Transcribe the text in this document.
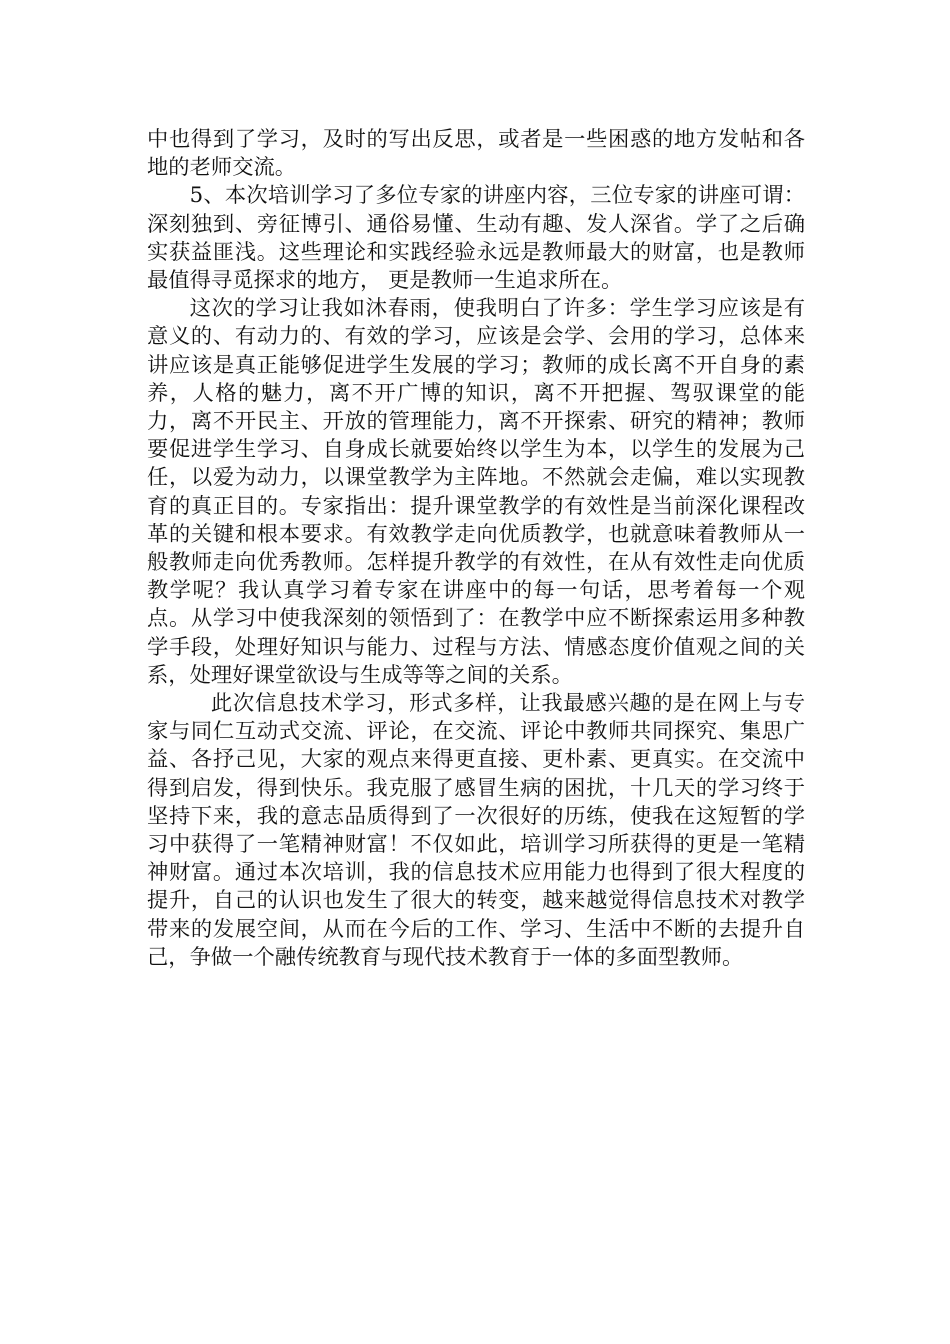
中也得到了学习，及时的写出反思，或者是一些困惑的地方发帖和各地的老师交流。

5、本次培训学习了多位专家的讲座内容，三位专家的讲座可谓：深刻独到、旁征博引、通俗易懂、生动有趣、发人深省。学了之后确实获益匪浅。这些理论和实践经验永远是教师最大的财富，也是教师最值得寻觅探求的地方， 更是教师一生追求所在。

这次的学习让我如沐春雨，使我明白了许多：学生学习应该是有意义的、有动力的、有效的学习，应该是会学、会用的学习，总体来讲应该是真正能够促进学生发展的学习；教师的成长离不开自身的素养，人格的魅力，离不开广博的知识，离不开把握、驾驭课堂的能力，离不开民主、开放的管理能力，离不开探索、研究的精神；教师要促进学生学习、自身成长就要始终以学生为本，以学生的发展为己任，以爱为动力，以课堂教学为主阵地。不然就会走偏，难以实现教育的真正目的。专家指出：提升课堂教学的有效性是当前深化课程改革的关键和根本要求。有效教学走向优质教学，也就意味着教师从一般教师走向优秀教师。怎样提升教学的有效性，在从有效性走向优质教学呢？我认真学习着专家在讲座中的每一句话，思考着每一个观点。从学习中使我深刻的领悟到了：在教学中应不断探索运用多种教学手段，处理好知识与能力、过程与方法、情感态度价值观之间的关系，处理好课堂欲设与生成等等之间的关系。

此次信息技术学习，形式多样，让我最感兴趣的是在网上与专家与同仁互动式交流、评论，在交流、评论中教师共同探究、集思广益、各抒己见，大家的观点来得更直接、更朴素、更真实。在交流中得到启发，得到快乐。我克服了感冒生病的困扰，十几天的学习终于坚持下来，我的意志品质得到了一次很好的历练，使我在这短暂的学习中获得了一笔精神财富！不仅如此，培训学习所获得的更是一笔精神财富。通过本次培训，我的信息技术应用能力也得到了很大程度的提升，自己的认识也发生了很大的转变，越来越觉得信息技术对教学带来的发展空间，从而在今后的工作、学习、生活中不断的去提升自己，争做一个融传统教育与现代技术教育于一体的多面型教师。
